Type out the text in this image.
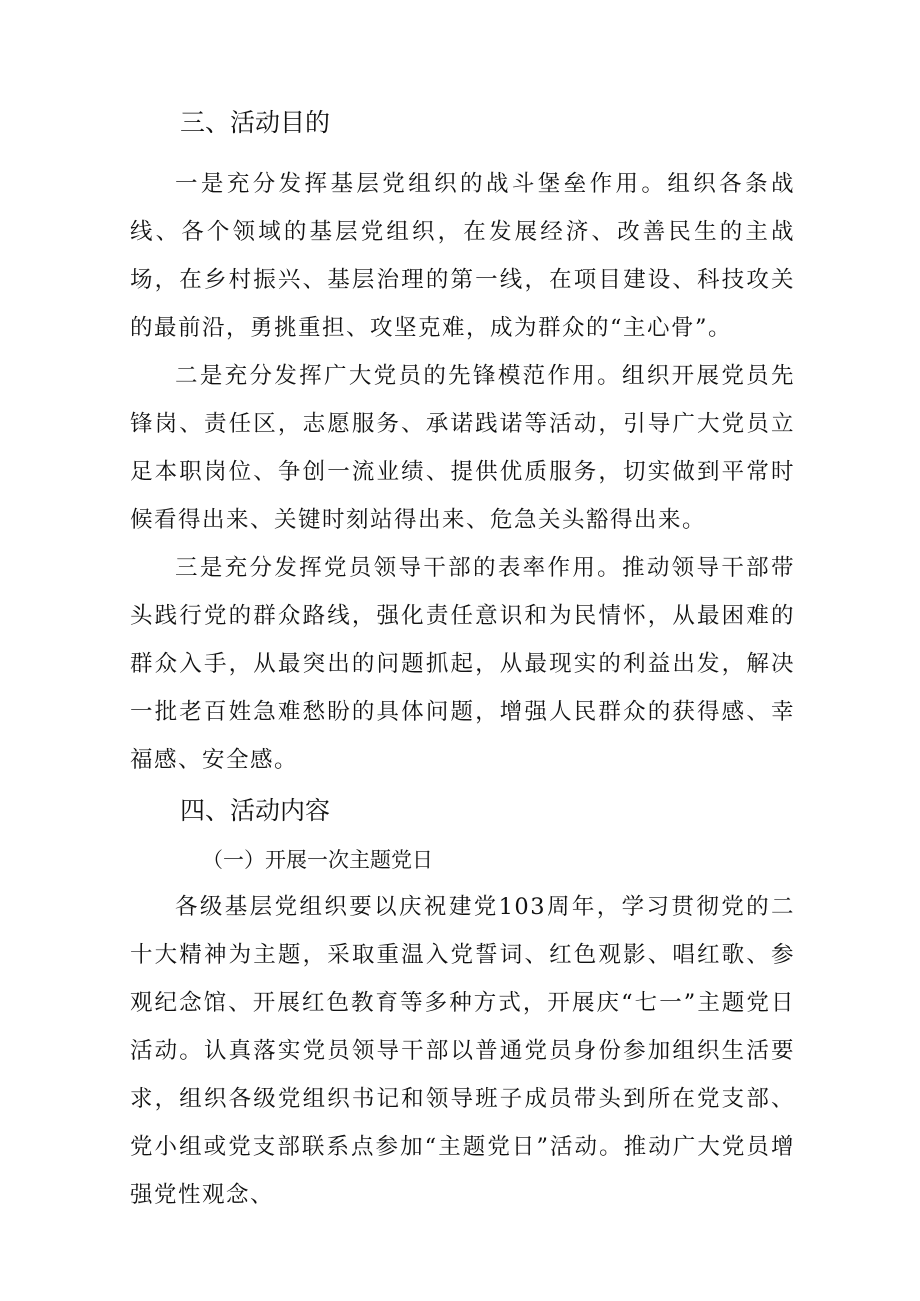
三、活动目的

一是充分发挥基层党组织的战斗堡垒作用。组织各条战线、各个领域的基层党组织，在发展经济、改善民生的主战场，在乡村振兴、基层治理的第一线，在项目建设、科技攻关的最前沿，勇挑重担、攻坚克难，成为群众的“主心骨”。

二是充分发挥广大党员的先锋模范作用。组织开展党员先锋岗、责任区，志愿服务、承诺践诺等活动，引导广大党员立足本职岗位、争创一流业绩、提供优质服务，切实做到平常时候看得出来、关键时刻站得出来、危急关头豁得出来。

三是充分发挥党员领导干部的表率作用。推动领导干部带头践行党的群众路线，强化责任意识和为民情怀，从最困难的群众入手，从最突出的问题抓起，从最现实的利益出发，解决一批老百姓急难愁盼的具体问题，增强人民群众的获得感、幸福感、安全感。

四、活动内容
（一）开展一次主题党日

各级基层党组织要以庆祝建党103周年，学习贯彻党的二十大精神为主题，采取重温入党誓词、红色观影、唱红歌、参观纪念馆、开展红色教育等多种方式，开展庆“七一”主题党日活动。认真落实党员领导干部以普通党员身份参加组织生活要求，组织各级党组织书记和领导班子成员带头到所在党支部、党小组或党支部联系点参加“主题党日”活动。推动广大党员增强党性观念、
